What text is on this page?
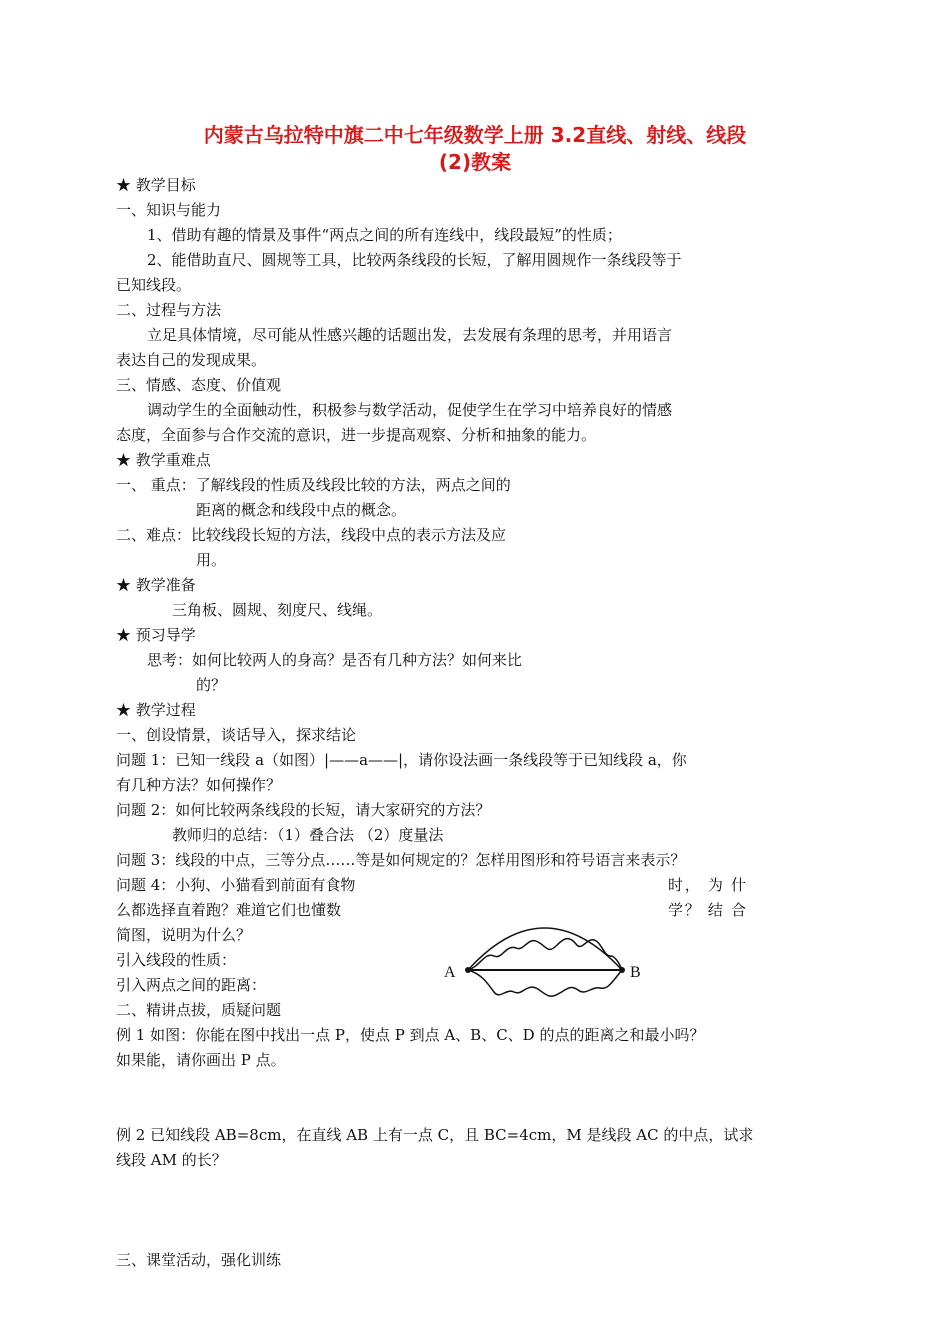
内蒙古乌拉特中旗二中七年级数学上册 3.2直线、射线、线段
(2)教案
★ 教学目标
一、知识与能力
1、借助有趣的情景及事件“两点之间的所有连线中，线段最短”的性质；
2、能借助直尺、圆规等工具，比较两条线段的长短，了解用圆规作一条线段等于
已知线段。
二、过程与方法
立足具体情境，尽可能从性感兴趣的话题出发，去发展有条理的思考，并用语言
表达自己的发现成果。
三、情感、态度、价值观
调动学生的全面触动性，积极参与数学活动，促使学生在学习中培养良好的情感
态度，全面参与合作交流的意识，进一步提高观察、分析和抽象的能力。
★ 教学重难点
一、 重点：了解线段的性质及线段比较的方法，两点之间的
距离的概念和线段中点的概念。
二、难点：比较线段长短的方法，线段中点的表示方法及应
用。
★ 教学准备
三角板、圆规、刻度尺、线绳。
★ 预习导学
思考：如何比较两人的身高？是否有几种方法？如何来比
的？
★ 教学过程
一、创设情景，谈话导入，探求结论
问题 1：已知一线段 a（如图）|——a——|，请你设法画一条线段等于已知线段 a，你
有几种方法？如何操作？
问题 2：如何比较两条线段的长短，请大家研究的方法？
教师归的总结：（1）叠合法 （2）度量法
问题 3：线段的中点，三等分点……等是如何规定的？怎样用图形和符号语言来表示？
问题 4：小狗、小猫看到前面有食物	时， 为 什
么都选择直着跑？难道它们也懂数	学？ 结 合
简图，说明为什么？
引入线段的性质：
引入两点之间的距离：
A	B
二、精讲点拔，质疑问题
例 1 如图：你能在图中找出一点 P，使点 P 到点 A、B、C、D 的点的距离之和最小吗？
如果能，请你画出 P 点。
例 2 已知线段 AB=8cm，在直线 AB 上有一点 C，且 BC=4cm，M 是线段 AC 的中点，试求
线段 AM 的长？
三、课堂活动，强化训练
